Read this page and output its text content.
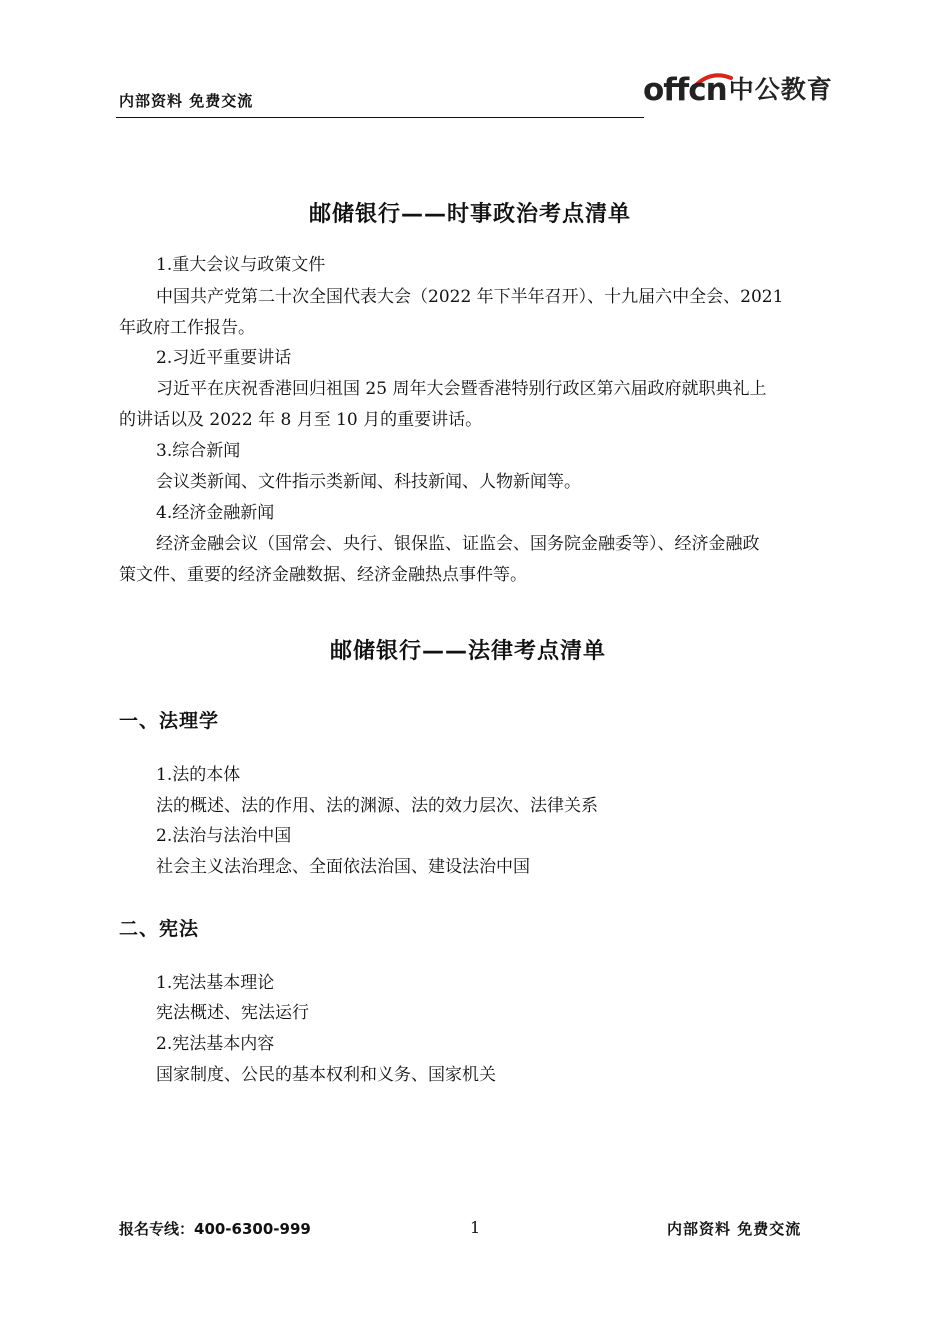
内部资料 免费交流	offcn中公教育
邮储银行——时事政治考点清单
1.重大会议与政策文件
中国共产党第二十次全国代表大会（2022 年下半年召开）、十九届六中全会、2021
年政府工作报告。
2.习近平重要讲话
习近平在庆祝香港回归祖国 25 周年大会暨香港特别行政区第六届政府就职典礼上
的讲话以及 2022 年 8 月至 10 月的重要讲话。
3.综合新闻
会议类新闻、文件指示类新闻、科技新闻、人物新闻等。
4.经济金融新闻
经济金融会议（国常会、央行、银保监、证监会、国务院金融委等）、经济金融政
策文件、重要的经济金融数据、经济金融热点事件等。
邮储银行——法律考点清单
一、法理学
1.法的本体
法的概述、法的作用、法的渊源、法的效力层次、法律关系
2.法治与法治中国
社会主义法治理念、全面依法治国、建设法治中国
二、宪法
1.宪法基本理论
宪法概述、宪法运行
2.宪法基本内容
国家制度、公民的基本权利和义务、国家机关
报名专线：400-6300-999	1	内部资料 免费交流
